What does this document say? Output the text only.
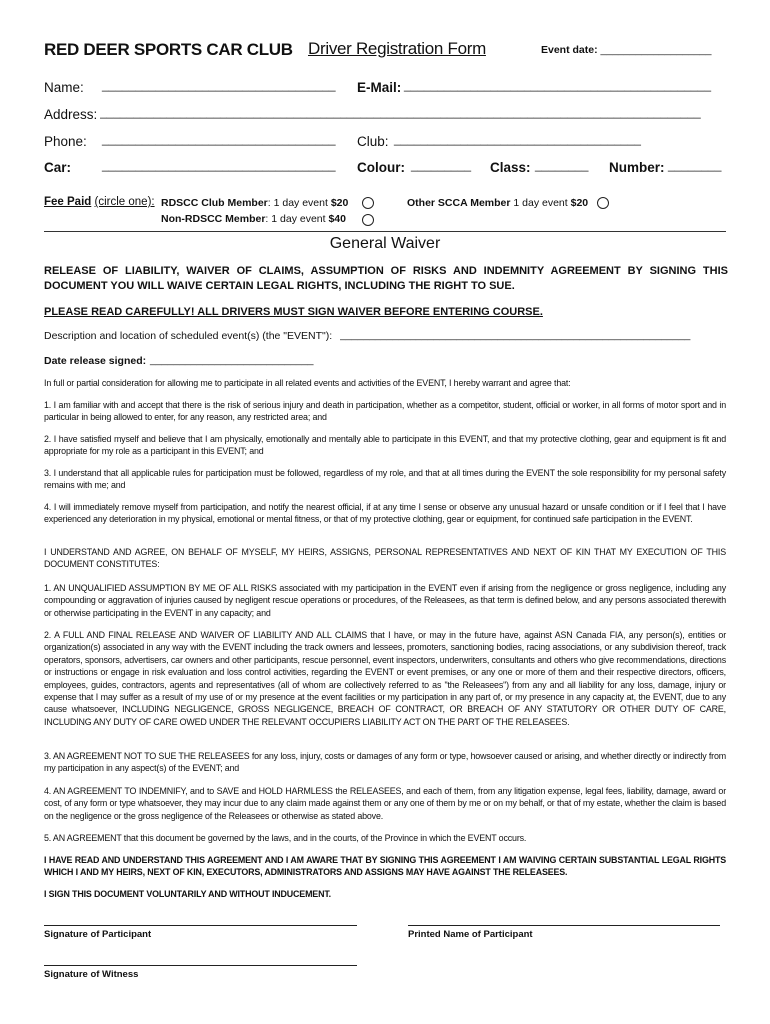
RED DEER SPORTS CAR CLUB Driver Registration Form	Event date: ___________________
Name: ___________________________________ E-Mail: ______________________________________________
Address: __________________________________________________________________________________________
Phone: ___________________________________ Club: _____________________________________
Car:	___________________________________ Colour: _________ Class: ________ Number: ________
Fee Paid (circle one): RDSCC Club Member: 1 day event $20
Non-RDSCC Member: 1 day event $40
Other SCCA Member 1 day event $20
General Waiver
RELEASE OF LIABILITY, WAIVER OF CLAIMS, ASSUMPTION OF RISKS AND INDEMNITY AGREEMENT BY SIGNING THIS DOCUMENT YOU WILL WAIVE CERTAIN LEGAL RIGHTS, INCLUDING THE RIGHT TO SUE.
PLEASE READ CAREFULLY! ALL DRIVERS MUST SIGN WAIVER BEFORE ENTERING COURSE.
Description and location of scheduled event(s) (the "EVENT"): ____________________________________________________________
Date release signed: ____________________________
In full or partial consideration for allowing me to participate in all related events and activities of the EVENT, I hereby warrant and agree that:
1. I am familiar with and accept that there is the risk of serious injury and death in participation, whether as a competitor, student, official or worker, in all forms of motor sport and in particular in being allowed to enter, for any reason, any restricted area; and
2. I have satisfied myself and believe that I am physically, emotionally and mentally able to participate in this EVENT, and that my protective clothing, gear and equipment is fit and appropriate for my role as a participant in this EVENT; and
3. I understand that all applicable rules for participation must be followed, regardless of my role, and that at all times during the EVENT the sole responsibility for my personal safety remains with me; and
4. I will immediately remove myself from participation, and notify the nearest official, if at any time I sense or observe any unusual hazard or unsafe condition or if I feel that I have experienced any deterioration in my physical, emotional or mental fitness, or that of my protective clothing, gear or equipment, for continued safe participation in the EVENT.
I UNDERSTAND AND AGREE, ON BEHALF OF MYSELF, MY HEIRS, ASSIGNS, PERSONAL REPRESENTATIVES AND NEXT OF KIN THAT MY EXECUTION OF THIS DOCUMENT CONSTITUTES:
1. AN UNQUALIFIED ASSUMPTION BY ME OF ALL RISKS associated with my participation in the EVENT even if arising from the negligence or gross negligence, including any compounding or aggravation of injuries caused by negligent rescue operations or procedures, of the Releasees, as that term is defined below, and any persons associated therewith or otherwise participating in the EVENT in any capacity; and
2. A FULL AND FINAL RELEASE AND WAIVER OF LIABILITY AND ALL CLAIMS that I have, or may in the future have, against ASN Canada FIA, any person(s), entities or organization(s) associated in any way with the EVENT including the track owners and lessees, promoters, sanctioning bodies, racing associations, or any subdivision thereof, track operators, sponsors, advertisers, car owners and other participants, rescue personnel, event inspectors, underwriters, consultants and others who give recommendations, directions or instructions or engage in risk evaluation and loss control activities, regarding the EVENT or event premises, or any one or more of them and their respective directors, officers, employees, guides, contractors, agents and representatives (all of whom are collectively referred to as "the Releasees") from any and all liability for any loss, damage, injury or expense that I may suffer as a result of my use of or my presence at the event facilities or my participation in any part of, or my presence in any capacity at, the EVENT, due to any cause whatsoever, INCLUDING NEGLIGENCE, GROSS NEGLIGENCE, BREACH OF CONTRACT, OR BREACH OF ANY STATUTORY OR OTHER DUTY OF CARE, INCLUDING ANY DUTY OF CARE OWED UNDER THE RELEVANT OCCUPIERS LIABILITY ACT ON THE PART OF THE RELEASEES.
3. AN AGREEMENT NOT TO SUE THE RELEASEES for any loss, injury, costs or damages of any form or type, howsoever caused or arising, and whether directly or indirectly from my participation in any aspect(s) of the EVENT; and
4. AN AGREEMENT TO INDEMNIFY, and to SAVE and HOLD HARMLESS the RELEASEES, and each of them, from any litigation expense, legal fees, liability, damage, award or cost, of any form or type whatsoever, they may incur due to any claim made against them or any one of them by me or on my behalf, or that of my estate, whether the claim is based on the negligence or the gross negligence of the Releasees or otherwise as stated above.
5. AN AGREEMENT that this document be governed by the laws, and in the courts, of the Province in which the EVENT occurs.
I HAVE READ AND UNDERSTAND THIS AGREEMENT AND I AM AWARE THAT BY SIGNING THIS AGREEMENT I AM WAIVING CERTAIN SUBSTANTIAL LEGAL RIGHTS WHICH I AND MY HEIRS, NEXT OF KIN, EXECUTORS, ADMINISTRATORS AND ASSIGNS MAY HAVE AGAINST THE RELEASEES.
I SIGN THIS DOCUMENT VOLUNTARILY AND WITHOUT INDUCEMENT.
Signature of Participant	Printed Name of Participant
Signature of Witness
